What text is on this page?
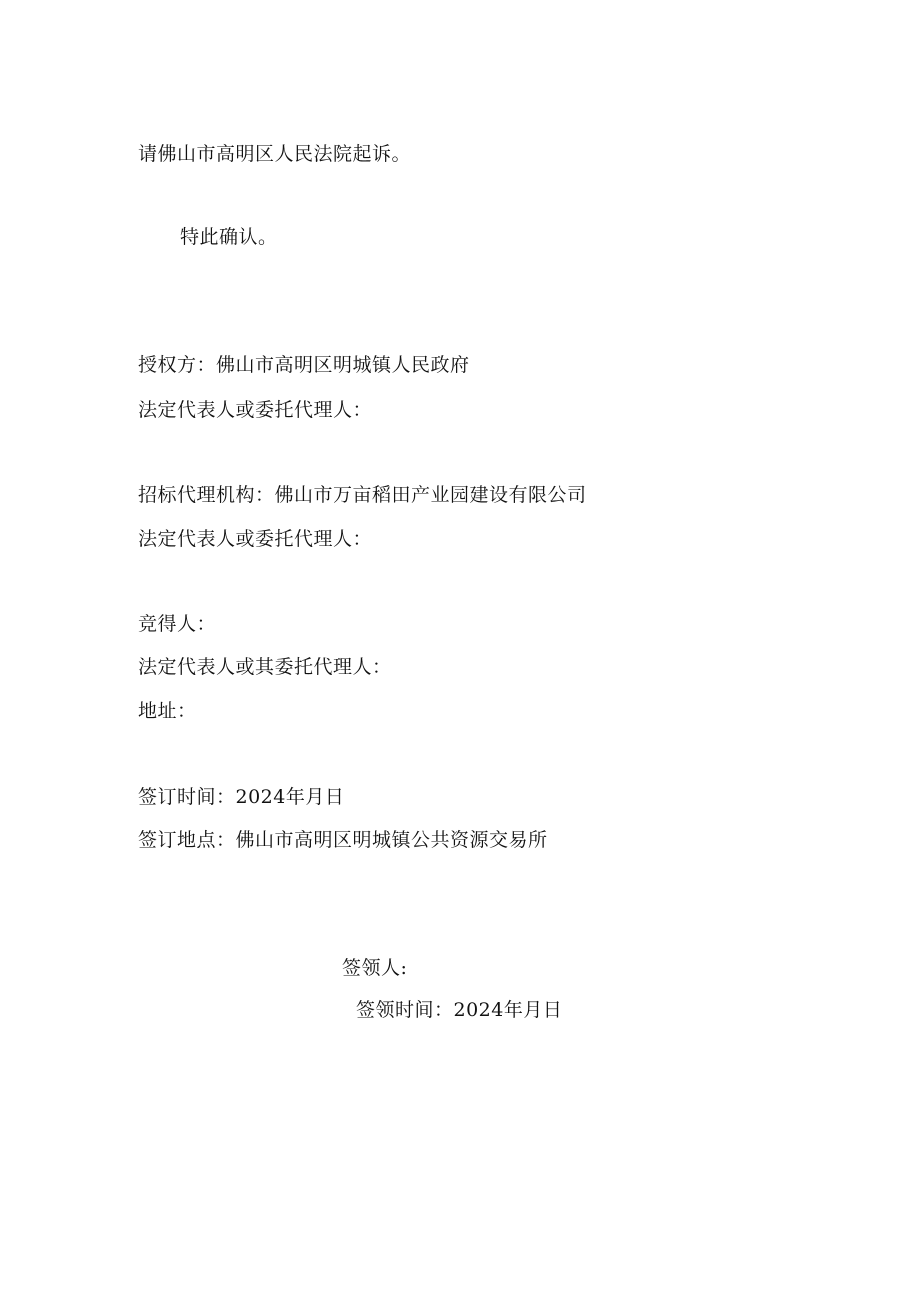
请佛山市高明区人民法院起诉。
特此确认。
授权方：佛山市高明区明城镇人民政府
法定代表人或委托代理人：
招标代理机构：佛山市万亩稻田产业园建设有限公司
法定代表人或委托代理人：
竞得人：
法定代表人或其委托代理人：
地址：
签订时间：2024年月日
签订地点：佛山市高明区明城镇公共资源交易所
签领人:
签领时间：2024年月日
